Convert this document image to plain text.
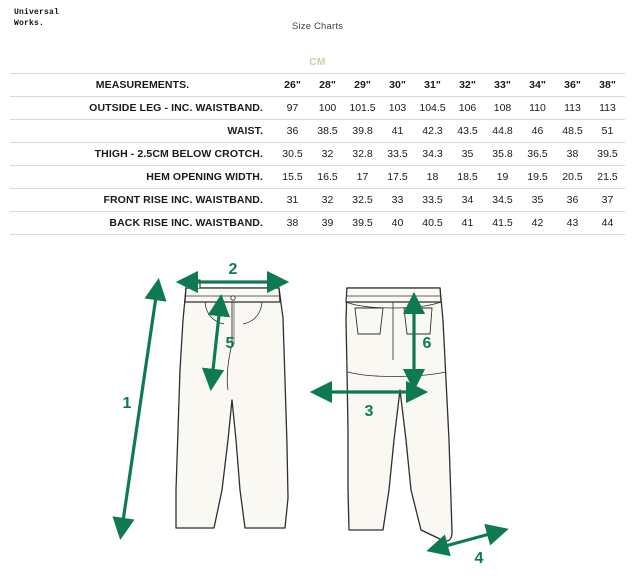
Universal
Works.	Size Charts
CM
MEASUREMENTS.	26"	28"	29"	30"	31"	32"	33"	34"	36"	38"
OUTSIDE LEG - INC. WAISTBAND.	97	100	101.5	103	104.5	106	108	110	113	113
WAIST.	36	38.5	39.8	41	42.3	43.5	44.8	46	48.5	51
THIGH - 2.5CM BELOW CROTCH.	30.5	32	32.8	33.5	34.3	35	35.8	36.5	38	39.5
HEM OPENING WIDTH.	15.5	16.5	17	17.5	18	18.5	19	19.5	20.5	21.5
FRONT RISE INC. WAISTBAND.	31	32	32.5	33	33.5	34	34.5	35	36	37
BACK RISE INC. WAISTBAND.	38	39	39.5	40	40.5	41	41.5	42	43	44
1
2
5	6
3
4
